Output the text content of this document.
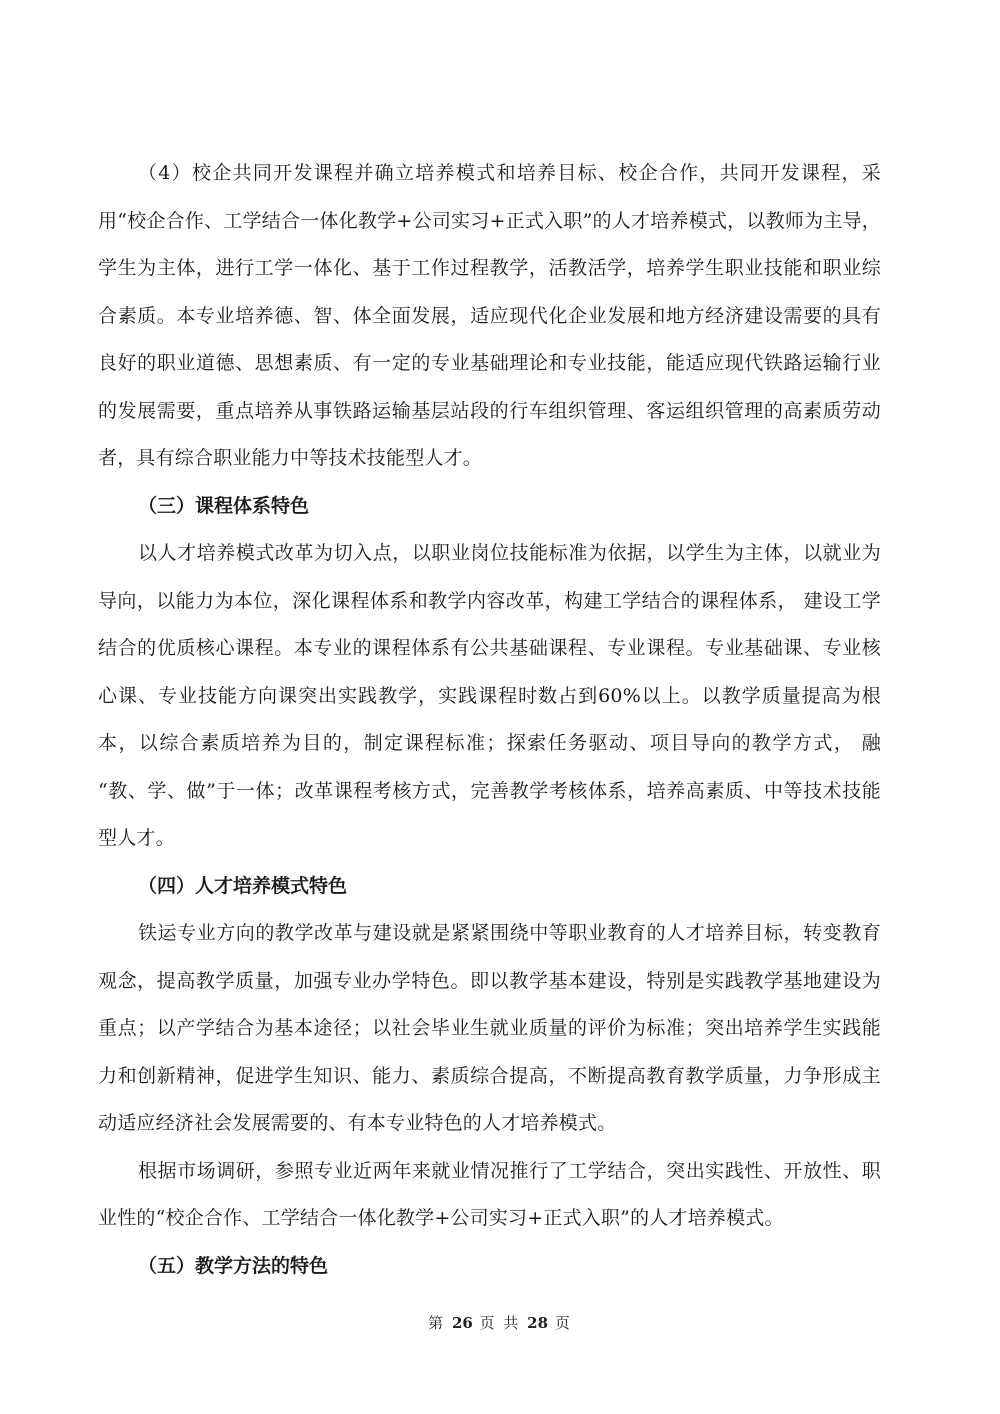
（4）校企共同开发课程并确立培养模式和培养目标、校企合作，共同开发课程，采用“校企合作、工学结合一体化教学+公司实习+正式入职”的人才培养模式，以教师为主导，学生为主体，进行工学一体化、基于工作过程教学，活教活学，培养学生职业技能和职业综合素质。本专业培养德、智、体全面发展，适应现代化企业发展和地方经济建设需要的具有良好的职业道德、思想素质、有一定的专业基础理论和专业技能，能适应现代铁路运输行业的发展需要，重点培养从事铁路运输基层站段的行车组织管理、客运组织管理的高素质劳动者，具有综合职业能力中等技术技能型人才。

（三）课程体系特色

以人才培养模式改革为切入点，以职业岗位技能标准为依据，以学生为主体，以就业为导向，以能力为本位，深化课程体系和教学内容改革，构建工学结合的课程体系， 建设工学结合的优质核心课程。本专业的课程体系有公共基础课程、专业课程。专业基础课、专业核心课、专业技能方向课突出实践教学，实践课程时数占到60%以上。以教学质量提高为根本，以综合素质培养为目的，制定课程标准；探索任务驱动、项目导向的教学方式， 融 “教、学、做”于一体；改革课程考核方式，完善教学考核体系，培养高素质、中等技术技能型人才。

（四）人才培养模式特色

铁运专业方向的教学改革与建设就是紧紧围绕中等职业教育的人才培养目标，转变教育观念，提高教学质量，加强专业办学特色。即以教学基本建设，特别是实践教学基地建设为重点；以产学结合为基本途径；以社会毕业生就业质量的评价为标准；突出培养学生实践能力和创新精神，促进学生知识、能力、素质综合提高，不断提高教育教学质量，力争形成主动适应经济社会发展需要的、有本专业特色的人才培养模式。

根据市场调研，参照专业近两年来就业情况推行了工学结合，突出实践性、开放性、职业性的“校企合作、工学结合一体化教学+公司实习+正式入职”的人才培养模式。

（五）教学方法的特色

第 26 页 共 28 页
